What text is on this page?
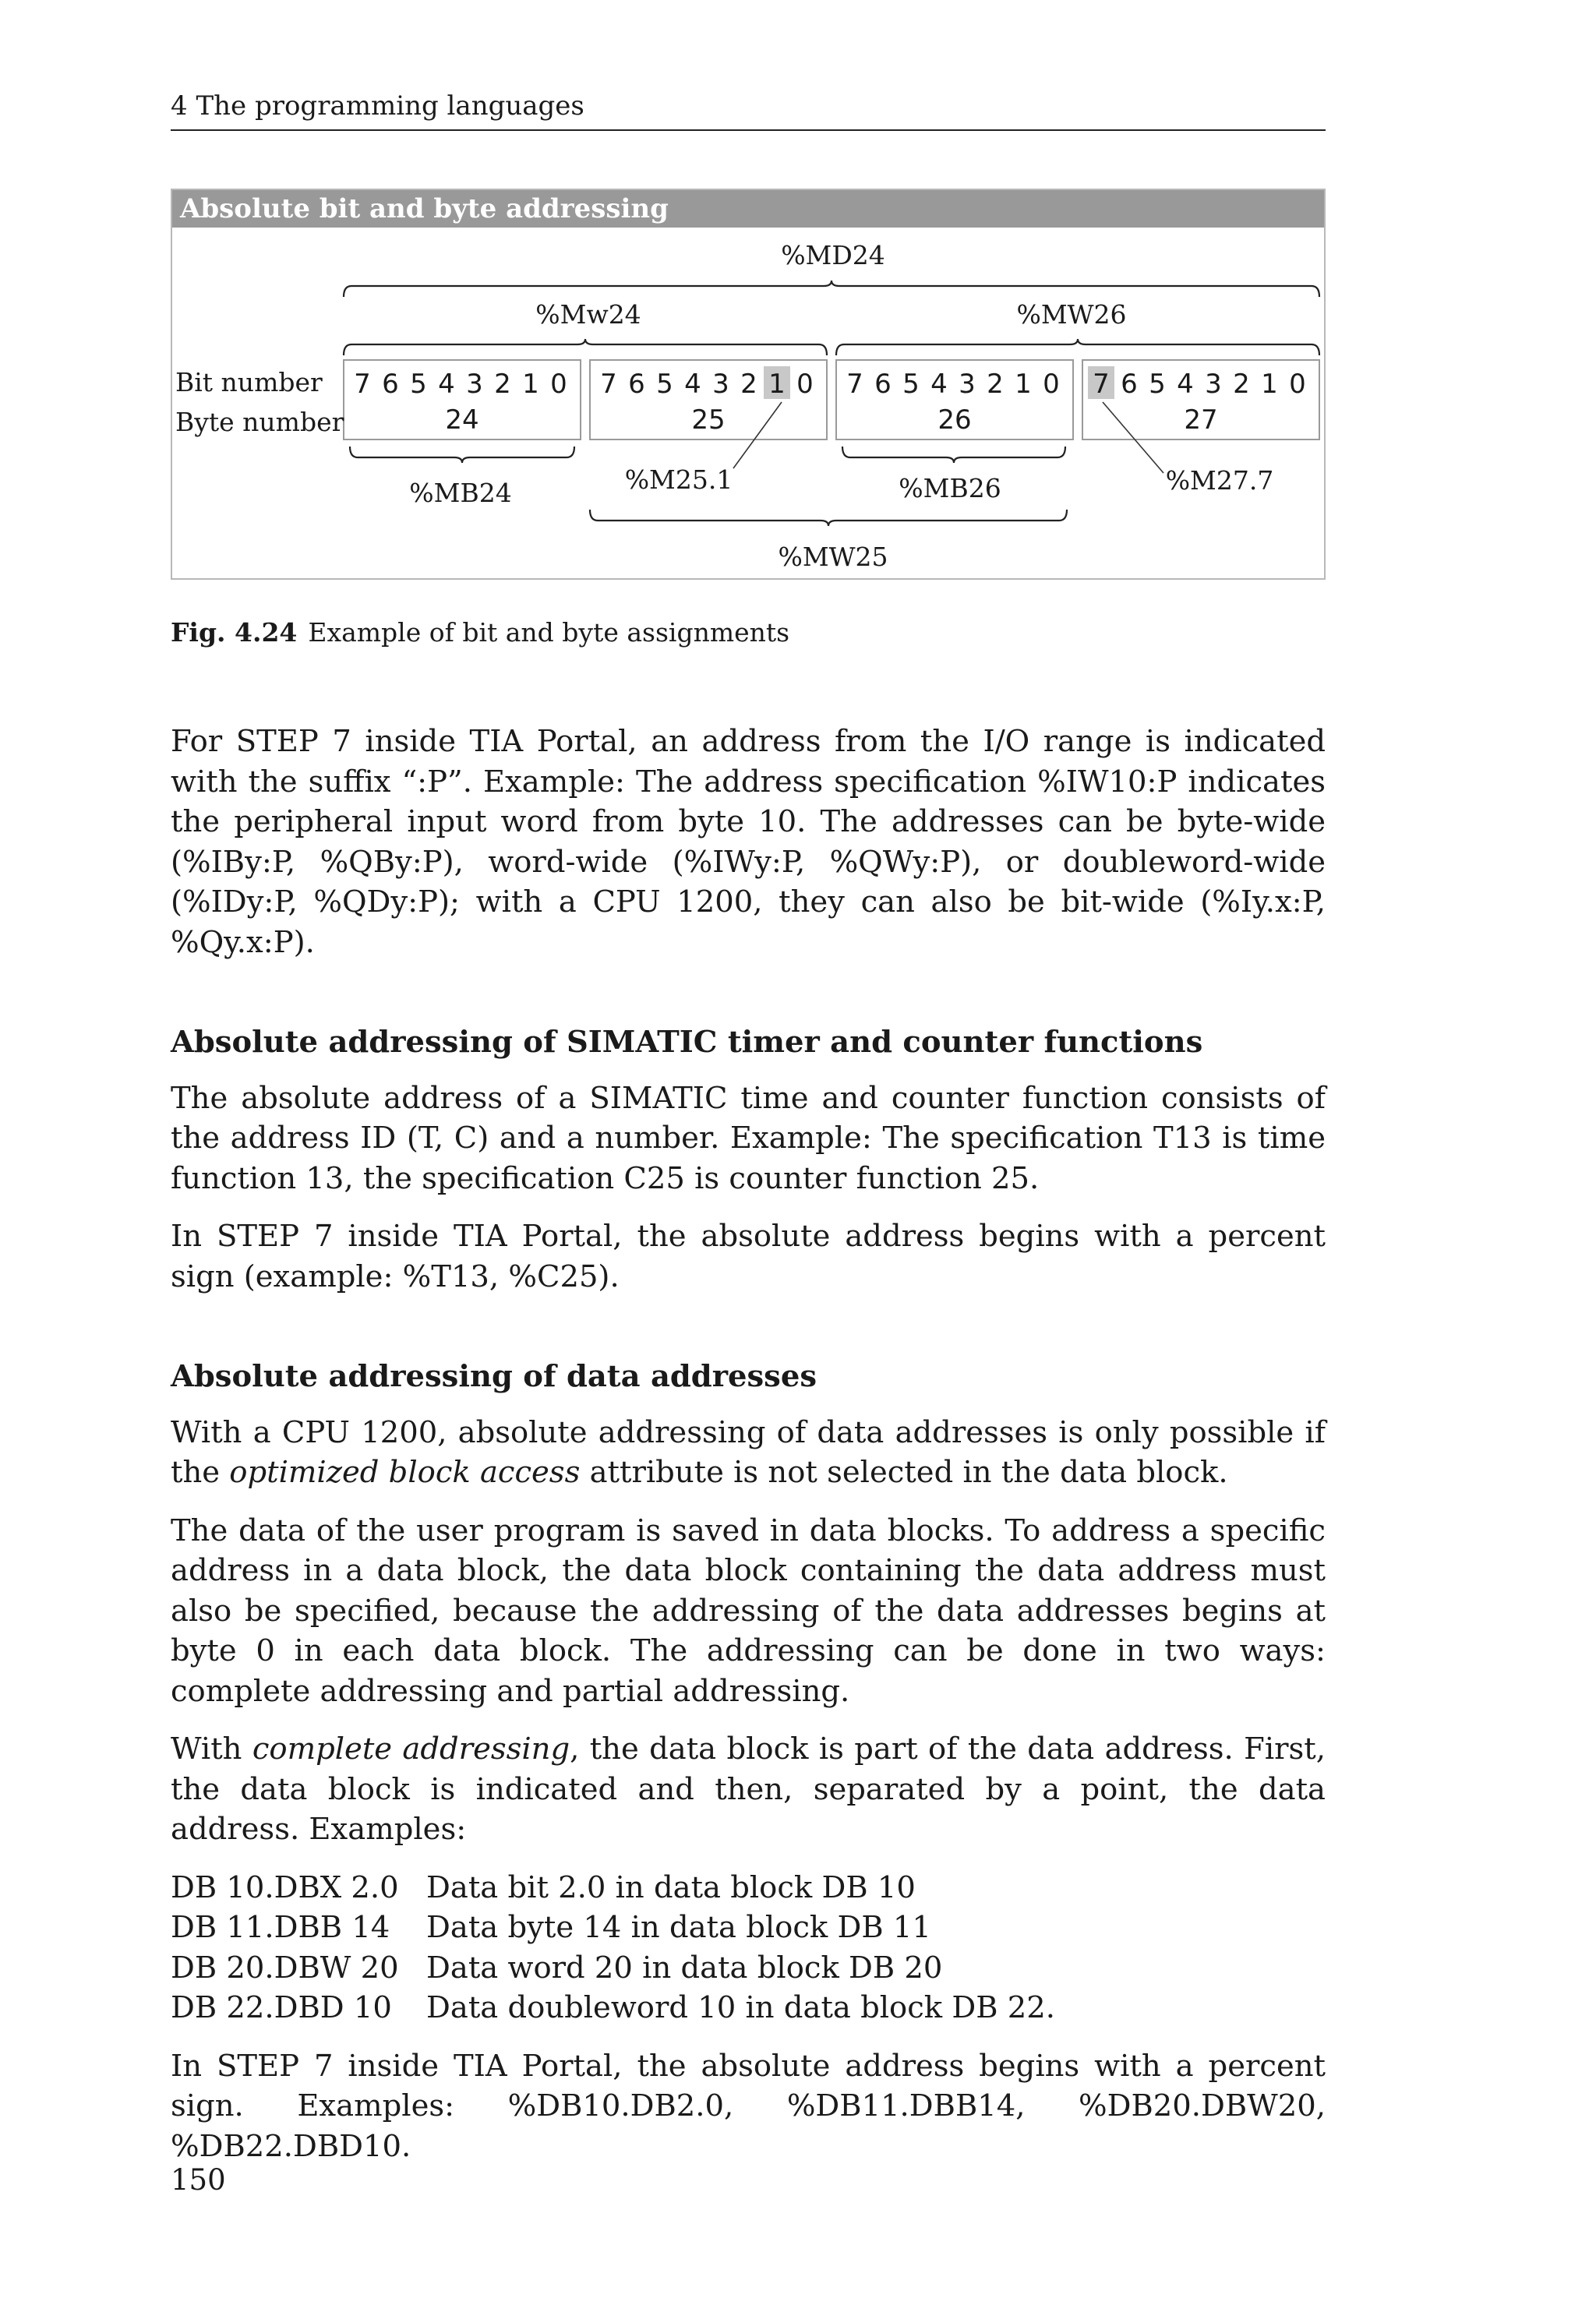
4 The programming languages
Absolute bit and byte addressing
7 6 5 4 3 2 1 0
24
7 6 5 4 3 2 1 0
25
7 6 5 4 3 2 1 0
26
7 6 5 4 3 2 1 0
27
%MD24
%Mw24	%MW26
Bit number
Byte number
%MB24	%M25.1	%MB26	%M27.7
%MW25
Fig. 4.24 Example of bit and byte assignments

For STEP 7 inside TIA Portal, an address from the I/O range is indicated with the suffix “:P”. Example: The address specification %IW10:P indicates the peripheral input word from byte 10. The addresses can be byte-wide (%IBy:P, %QBy:P), word-wide (%IWy:P, %QWy:P), or doubleword-wide (%IDy:P, %QDy:P); with a CPU 1200, they can also be bit-wide (%Iy.x:P, %Qy.x:P).

Absolute addressing of SIMATIC timer and counter functions

The absolute address of a SIMATIC time and counter function consists of the address ID (T, C) and a number. Example: The specification T13 is time function 13, the specification C25 is counter function 25.

In STEP 7 inside TIA Portal, the absolute address begins with a percent sign (example: %T13, %C25).

Absolute addressing of data addresses

With a CPU 1200, absolute addressing of data addresses is only possible if the optimized block access attribute is not selected in the data block.

The data of the user program is saved in data blocks. To address a specific address in a data block, the data block containing the data address must also be specified, because the addressing of the data addresses begins at byte 0 in each data block. The addressing can be done in two ways: complete addressing and partial addressing.

With complete addressing, the data block is part of the data address. First, the data block is indicated and then, separated by a point, the data address. Examples:

DB 10.DBX 2.0 Data bit 2.0 in data block DB 10
DB 11.DBB 14	Data byte 14 in data block DB 11
DB 20.DBW 20 Data word 20 in data block DB 20
DB 22.DBD 10	Data doubleword 10 in data block DB 22.

In STEP 7 inside TIA Portal, the absolute address begins with a percent sign. Examples: %DB10.DB2.0, %DB11.DBB14, %DB20.DBW20, %DB22.DBD10.

150
